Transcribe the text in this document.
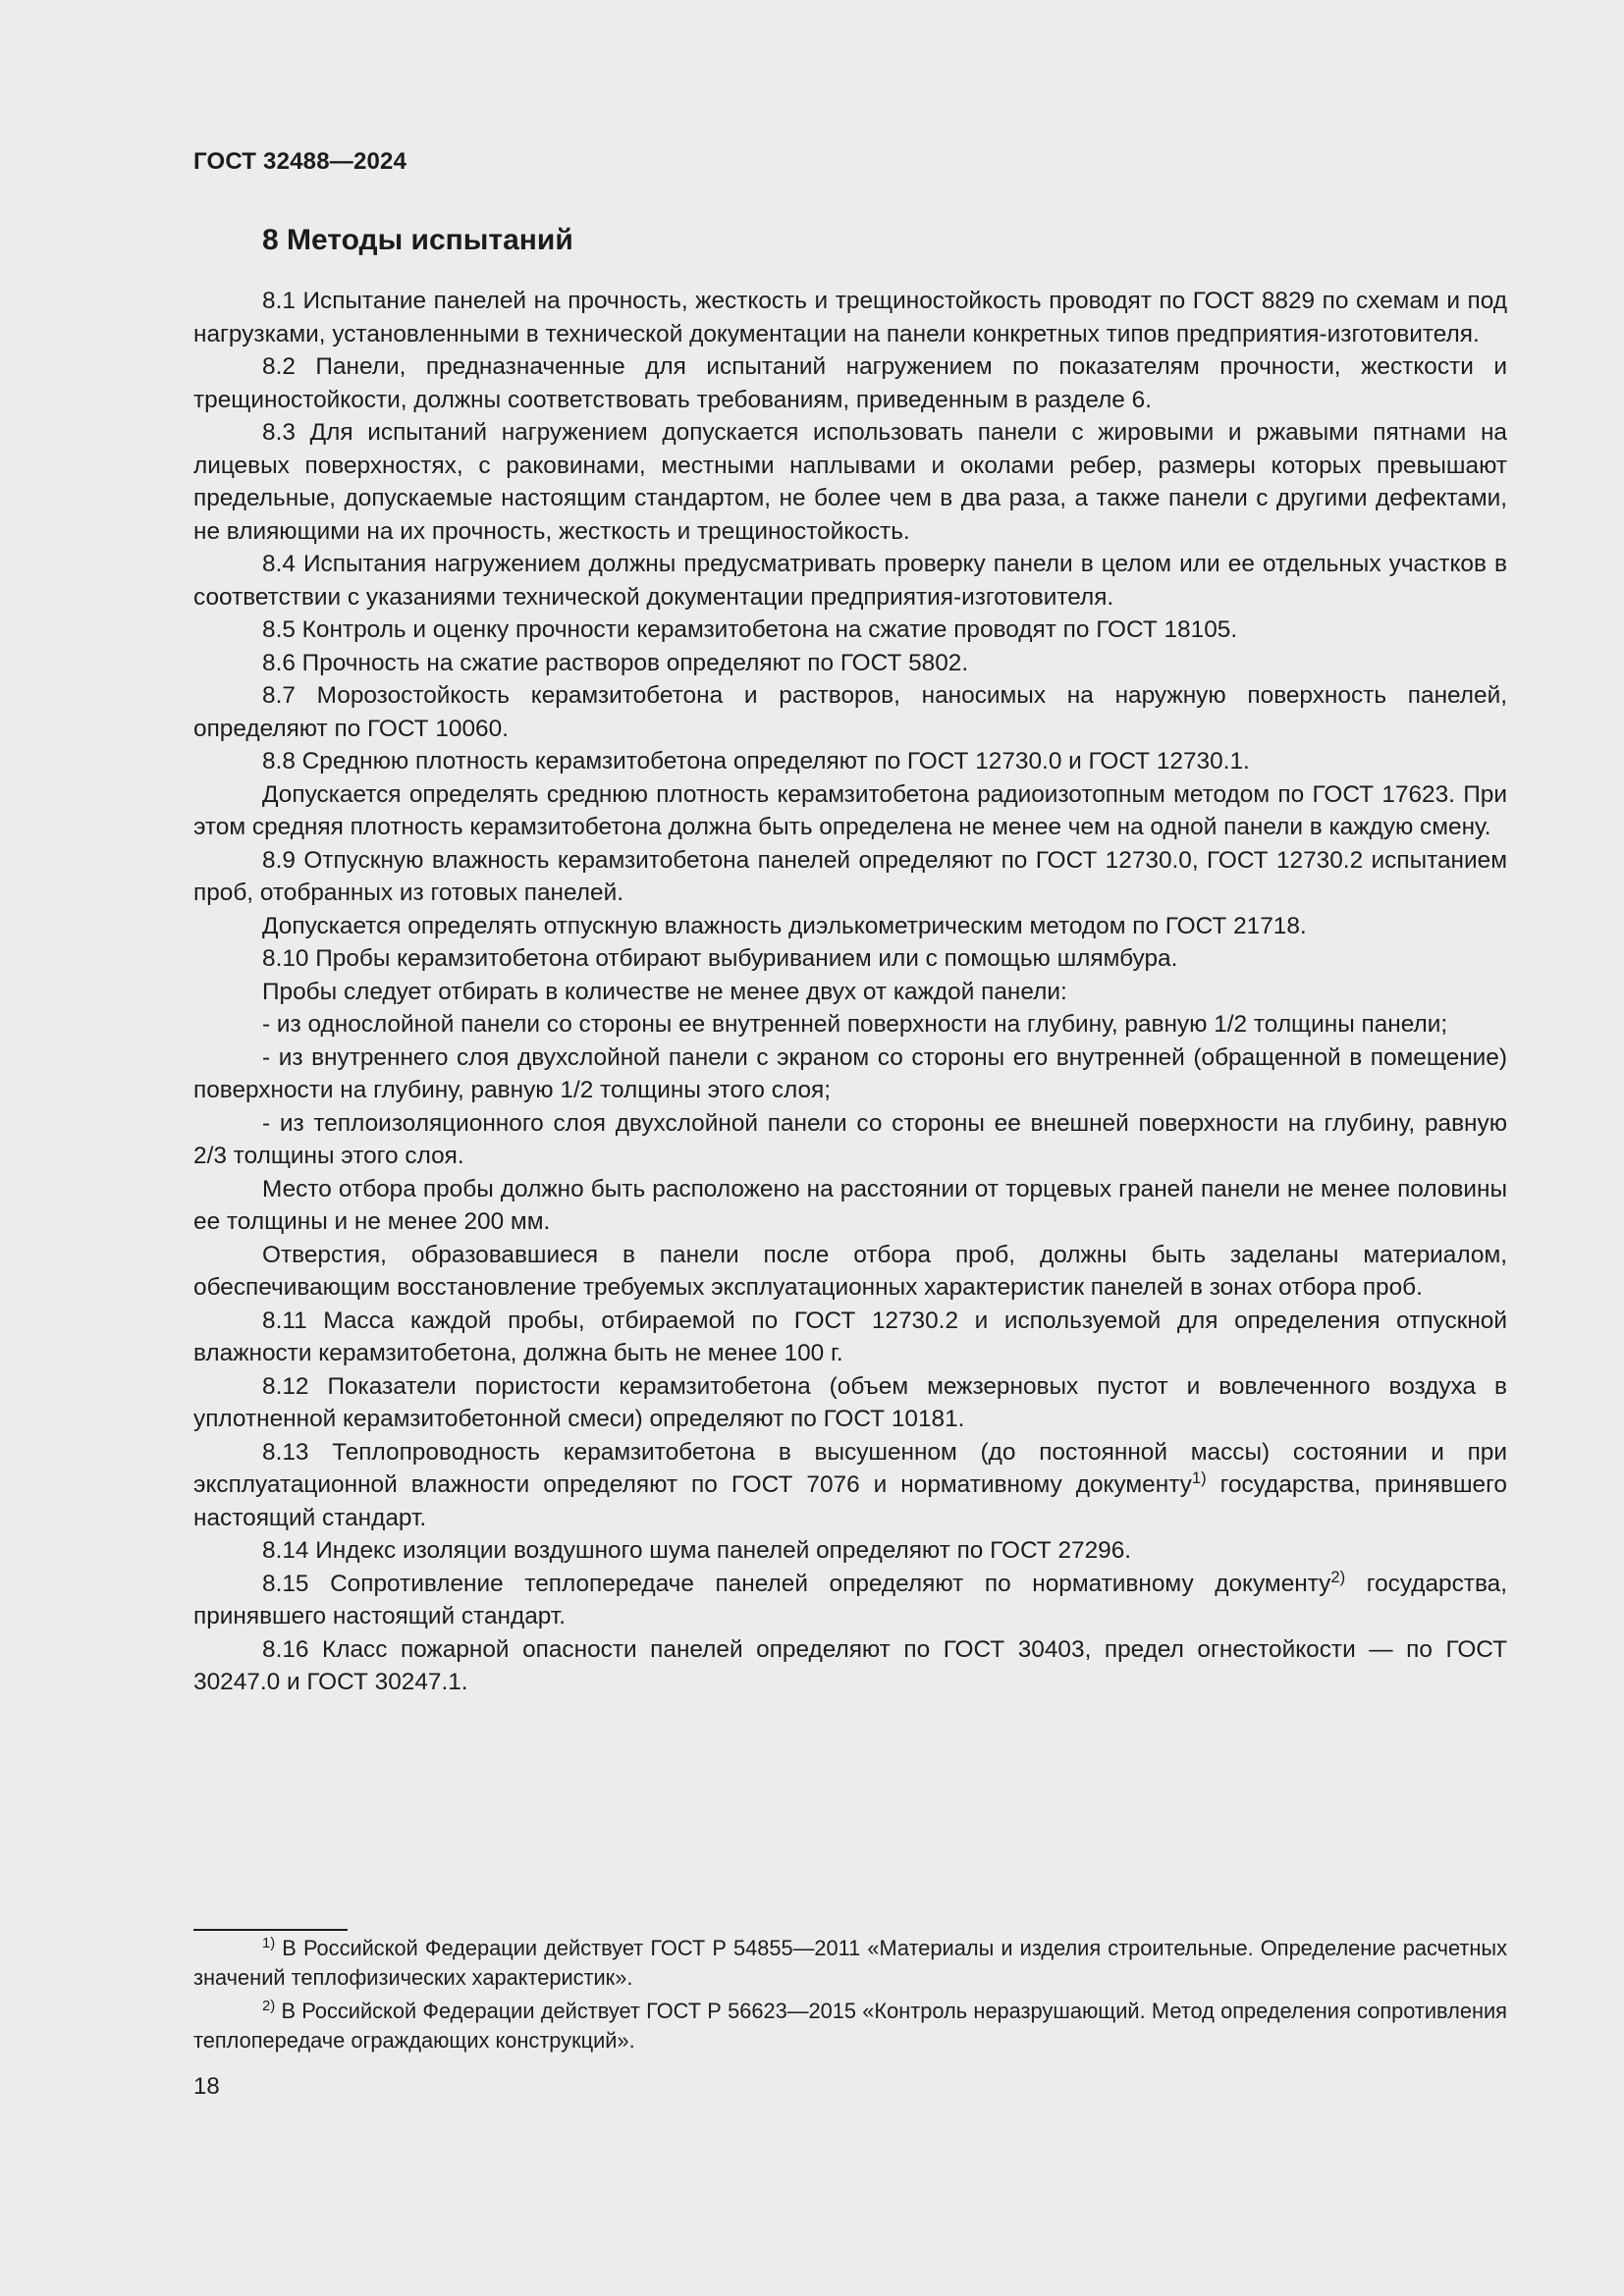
ГОСТ 32488—2024
8 Методы испытаний

8.1 Испытание панелей на прочность, жесткость и трещиностойкость проводят по ГОСТ 8829 по схемам и под нагрузками, установленными в технической документации на панели конкретных типов предприятия-изготовителя.

8.2 Панели, предназначенные для испытаний нагружением по показателям прочности, жесткости и трещиностойкости, должны соответствовать требованиям, приведенным в разделе 6.

8.3 Для испытаний нагружением допускается использовать панели с жировыми и ржавыми пятнами на лицевых поверхностях, с раковинами, местными наплывами и околами ребер, размеры которых превышают предельные, допускаемые настоящим стандартом, не более чем в два раза, а также панели с другими дефектами, не влияющими на их прочность, жесткость и трещиностойкость.

8.4 Испытания нагружением должны предусматривать проверку панели в целом или ее отдельных участков в соответствии с указаниями технической документации предприятия-изготовителя.

8.5 Контроль и оценку прочности керамзитобетона на сжатие проводят по ГОСТ 18105.

8.6 Прочность на сжатие растворов определяют по ГОСТ 5802.

8.7 Морозостойкость керамзитобетона и растворов, наносимых на наружную поверхность панелей, определяют по ГОСТ 10060.

8.8 Среднюю плотность керамзитобетона определяют по ГОСТ 12730.0 и ГОСТ 12730.1.

Допускается определять среднюю плотность керамзитобетона радиоизотопным методом по ГОСТ 17623. При этом средняя плотность керамзитобетона должна быть определена не менее чем на одной панели в каждую смену.

8.9 Отпускную влажность керамзитобетона панелей определяют по ГОСТ 12730.0, ГОСТ 12730.2 испытанием проб, отобранных из готовых панелей.

Допускается определять отпускную влажность диэлькометрическим методом по ГОСТ 21718.

8.10 Пробы керамзитобетона отбирают выбуриванием или с помощью шлямбура.

Пробы следует отбирать в количестве не менее двух от каждой панели:

- из однослойной панели со стороны ее внутренней поверхности на глубину, равную 1/2 толщины панели;

- из внутреннего слоя двухслойной панели с экраном со стороны его внутренней (обращенной в помещение) поверхности на глубину, равную 1/2 толщины этого слоя;

- из теплоизоляционного слоя двухслойной панели со стороны ее внешней поверхности на глубину, равную 2/3 толщины этого слоя.

Место отбора пробы должно быть расположено на расстоянии от торцевых граней панели не менее половины ее толщины и не менее 200 мм.

Отверстия, образовавшиеся в панели после отбора проб, должны быть заделаны материалом, обеспечивающим восстановление требуемых эксплуатационных характеристик панелей в зонах отбора проб.

8.11 Масса каждой пробы, отбираемой по ГОСТ 12730.2 и используемой для определения отпускной влажности керамзитобетона, должна быть не менее 100 г.

8.12 Показатели пористости керамзитобетона (объем межзерновых пустот и вовлеченного воздуха в уплотненной керамзитобетонной смеси) определяют по ГОСТ 10181.

8.13 Теплопроводность керамзитобетона в высушенном (до постоянной массы) состоянии и при эксплуатационной влажности определяют по ГОСТ 7076 и нормативному документу$^{1)}$ государства, принявшего настоящий стандарт.

8.14 Индекс изоляции воздушного шума панелей определяют по ГОСТ 27296.

8.15 Сопротивление теплопередаче панелей определяют по нормативному документу$^{2)}$ государства, принявшего настоящий стандарт.

8.16 Класс пожарной опасности панелей определяют по ГОСТ 30403, предел огнестойкости — по ГОСТ 30247.0 и ГОСТ 30247.1.

$^{1)}$ В Российской Федерации действует ГОСТ Р 54855—2011 «Материалы и изделия строительные. Определение расчетных значений теплофизических характеристик».

$^{2)}$ В Российской Федерации действует ГОСТ Р 56623—2015 «Контроль неразрушающий. Метод определения сопротивления теплопередаче ограждающих конструкций».

18
